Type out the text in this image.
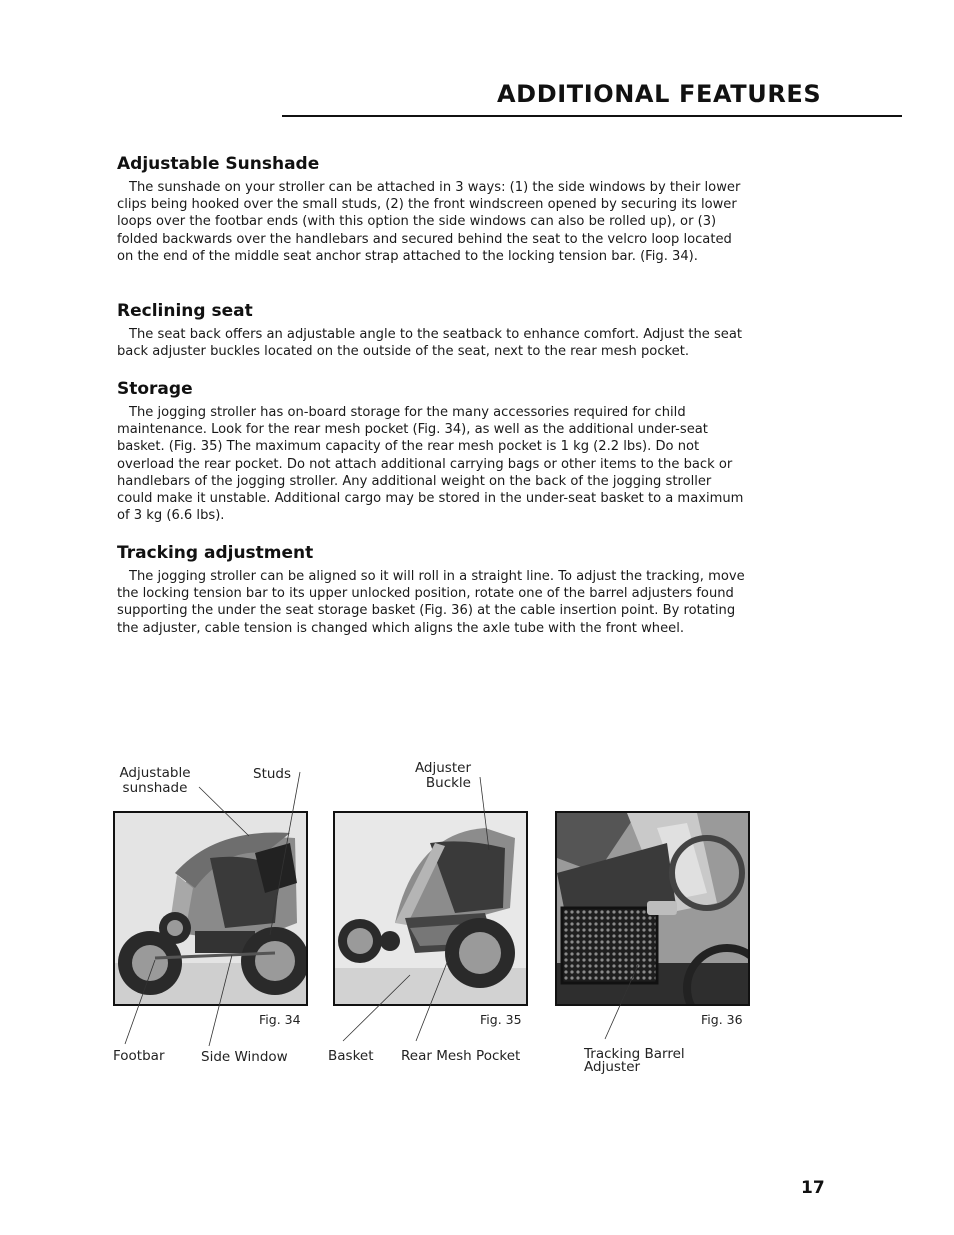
ADDITIONAL FEATURES
Adjustable Sunshade

The sunshade on your stroller can be attached in 3 ways: (1) the side windows by their lower clips being hooked over the small studs, (2) the front windscreen opened by securing its lower loops over the footbar ends (with this option the side windows can also be rolled up), or (3) folded backwards over the handlebars and secured behind the seat to the velcro loop located on the end of the middle seat anchor strap attached to the locking tension bar. (Fig. 34).

Reclining seat

The seat back offers an adjustable angle to the seatback to enhance comfort. Adjust the seat back adjuster buckles located on the outside of the seat, next to the rear mesh pocket.

Storage

The jogging stroller has on-board storage for the many accessories required for child maintenance. Look for the rear mesh pocket (Fig. 34), as well as the additional under-seat basket. (Fig. 35) The maximum capacity of the rear mesh pocket is 1 kg (2.2 lbs). Do not overload the rear pocket. Do not attach additional carrying bags or other items to the back or handlebars of the jogging stroller. Any additional weight on the back of the jogging stroller could make it unstable. Additional cargo may be stored in the under-seat basket to a maximum of 3 kg (6.6 lbs).

Tracking adjustment

The jogging stroller can be aligned so it will roll in a straight line. To adjust the tracking, move the locking tension bar to its upper unlocked position, rotate one of the barrel adjusters found supporting the under the seat storage basket (Fig. 36) at the cable insertion point. By rotating the adjuster, cable tension is changed which aligns the axle tube with the front wheel.

Fig. 34	Fig. 35	Fig. 36
Adjustable
sunshade
Studs	Adjuster
Buckle
Footbar	Side Window	Basket Rear Mesh Pocket	Tracking Barrel
Adjuster
17
